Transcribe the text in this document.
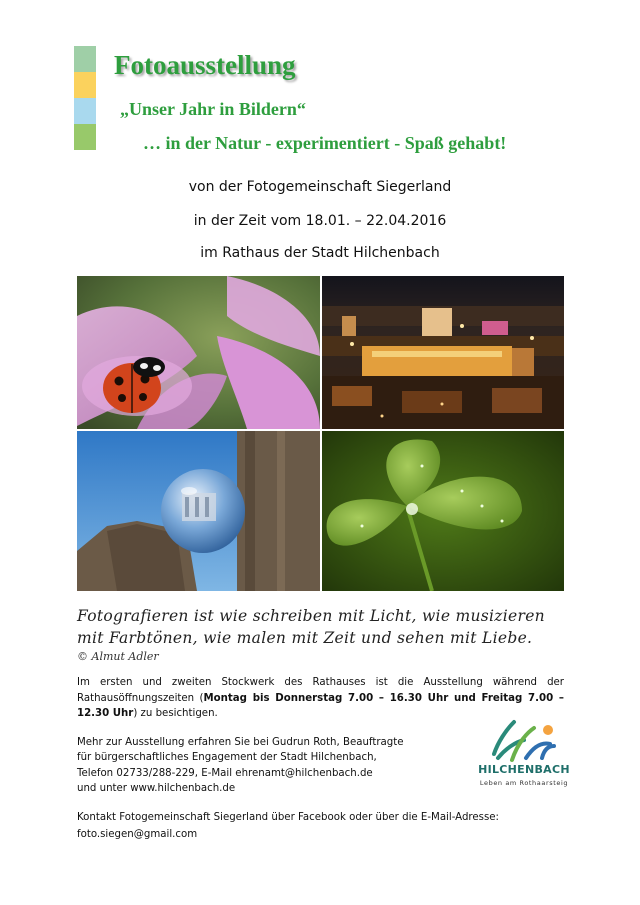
Fotoausstellung
„Unser Jahr in Bildern“
… in der Natur - experimentiert - Spaß gehabt!
von der Fotogemeinschaft Siegerland
in der Zeit vom 18.01. – 22.04.2016
im Rathaus der Stadt Hilchenbach
Fotografieren ist wie schreiben mit Licht, wie musizieren
mit Farbtönen, wie malen mit Zeit und sehen mit Liebe.
© Almut Adler
Im ersten und zweiten Stockwerk des Rathauses ist die Ausstellung während der Rathausöffnungszeiten (Montag bis Donnerstag 7.00 – 16.30 Uhr und Freitag 7.00 – 12.30 Uhr) zu besichtigen.
Mehr zur Ausstellung erfahren Sie bei Gudrun Roth, Beauftragte
für bürgerschaftliches Engagement der Stadt Hilchenbach,
Telefon 02733/288-229, E-Mail ehrenamt@hilchenbach.de
und unter www.hilchenbach.de
Kontakt Fotogemeinschaft Siegerland über Facebook oder über die E-Mail-Adresse:
foto.siegen@gmail.com
HILCHENBACH
Leben am Rothaarsteig
